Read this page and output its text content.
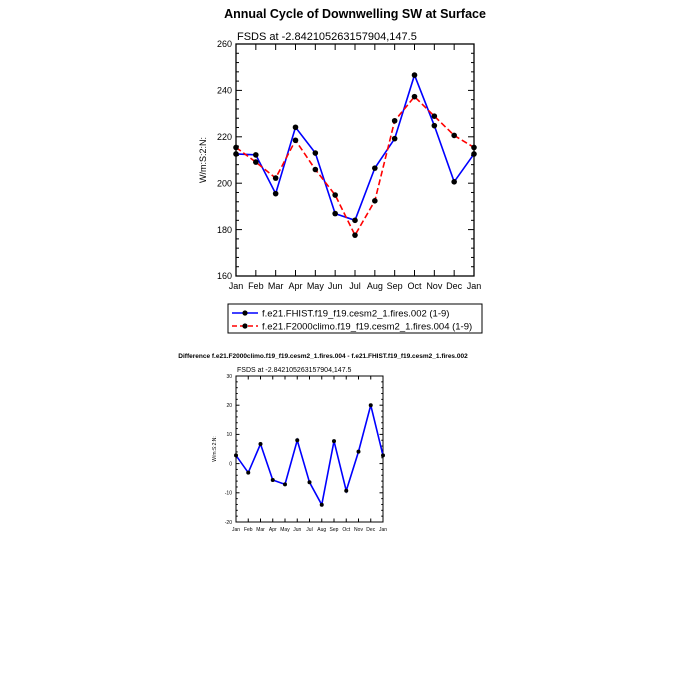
Annual Cycle of Downwelling SW at Surface
FSDS at -2.842105263157904,147.5
W/m:S:2:N:
160
180
200
220
240
260
Jan Feb Mar Apr May Jun Jul Aug Sep Oct Nov Dec Jan
f.e21.FHIST.f19_f19.cesm2_1.fires.002 (1-9)
f.e21.F2000climo.f19_f19.cesm2_1.fires.004 (1-9)
Difference f.e21.F2000climo.f19_f19.cesm2_1.fires.004 - f.e21.FHIST.f19_f19.cesm2_1.fires.002
FSDS at -2.842105263157904,147.5
W/m:S:2:N:
-20
-10
0
10
20
30
Jan Feb Mar Apr May Jun Jul Aug Sep Oct Nov Dec Jan
